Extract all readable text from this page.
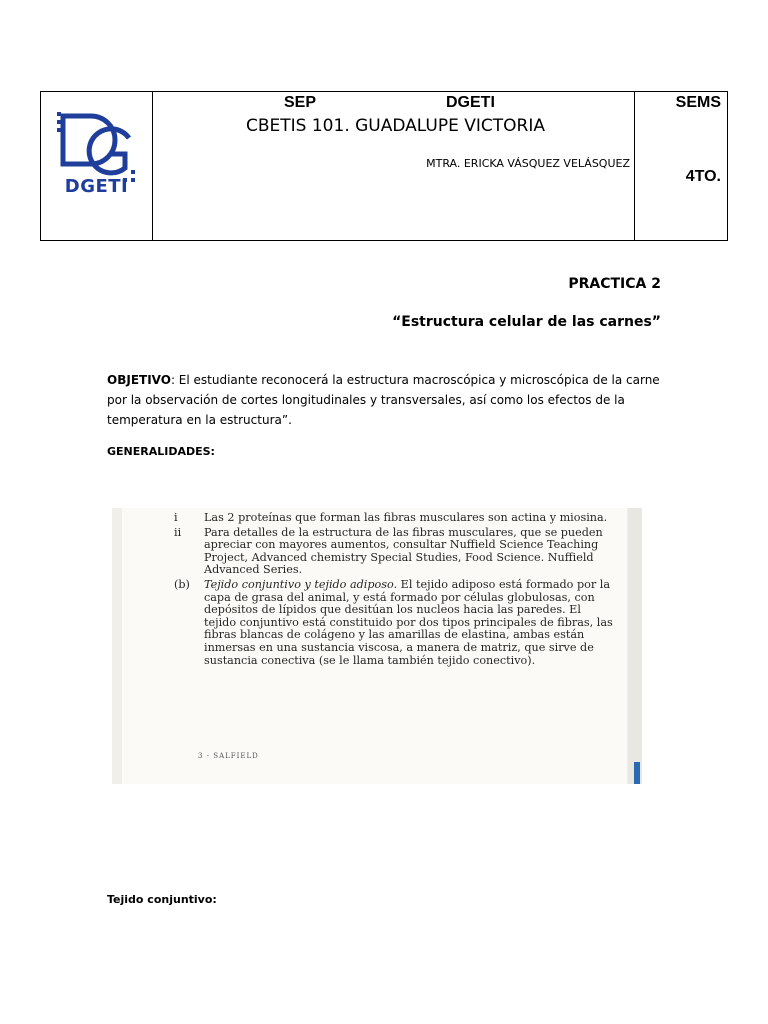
DGETI
SEP	DGETI
CBETIS 101. GUADALUPE VICTORIA
MTRA. ERICKA VÁSQUEZ VELÁSQUEZ
SEMS
4TO.
PRACTICA 2
“Estructura celular de las carnes”
OBJETIVO: El estudiante reconocerá la estructura macroscópica y microscópica de la carne por la observación de cortes longitudinales y transversales, así como los efectos de la temperatura en la estructura”.
GENERALIDADES:
i	Las 2 proteínas que forman las fibras musculares son actina y miosina.
ii	Para detalles de la estructura de las fibras musculares, que se pueden apreciar con mayores aumentos, consultar Nuffield Science Teaching Project, Advanced chemistry Special Studies, Food Science. Nuffield Advanced Series.
(b)	Tejido conjuntivo y tejido adiposo. El tejido adiposo está formado por la capa de grasa del animal, y está formado por células globulosas, con depósitos de lípidos que desitúan los nucleos hacia las paredes. El tejido conjuntivo está constituido por dos tipos principales de fibras, las fibras blancas de colágeno y las amarillas de elastina, ambas están inmersas en una sustancia viscosa, a manera de matriz, que sirve de sustancia conectiva (se le llama también tejido conectivo).
3 - SALFIELD
Tejido conjuntivo:
